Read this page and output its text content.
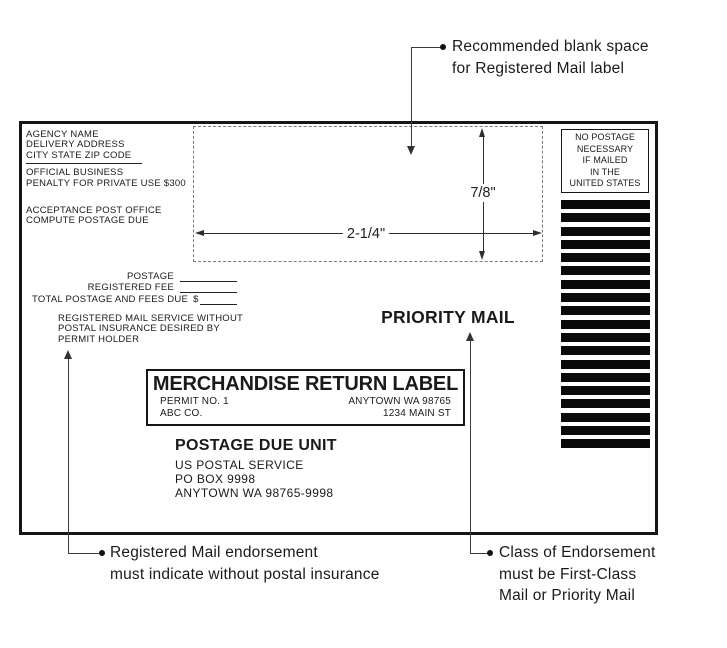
AGENCY NAME
DELIVERY ADDRESS
CITY STATE ZIP CODE
OFFICIAL BUSINESS
PENALTY FOR PRIVATE USE $300
ACCEPTANCE POST OFFICE
COMPUTE POSTAGE DUE
7/8"
2-1/4"
NO POSTAGE
NECESSARY
IF MAILED
IN THE
UNITED STATES
POSTAGE
REGISTERED FEE
TOTAL POSTAGE AND FEES DUE $
REGISTERED MAIL SERVICE WITHOUT
POSTAL INSURANCE DESIRED BY
PERMIT HOLDER
PRIORITY MAIL
MERCHANDISE RETURN LABEL
PERMIT NO. 1
ABC CO.
ANYTOWN WA 98765
1234 MAIN ST
POSTAGE DUE UNIT
US POSTAL SERVICE
PO BOX 9998
ANYTOWN WA 98765-9998
Recommended blank space
for Registered Mail label
Registered Mail endorsement
must indicate without postal insurance
Class of Endorsement
must be First-Class
Mail or Priority Mail
